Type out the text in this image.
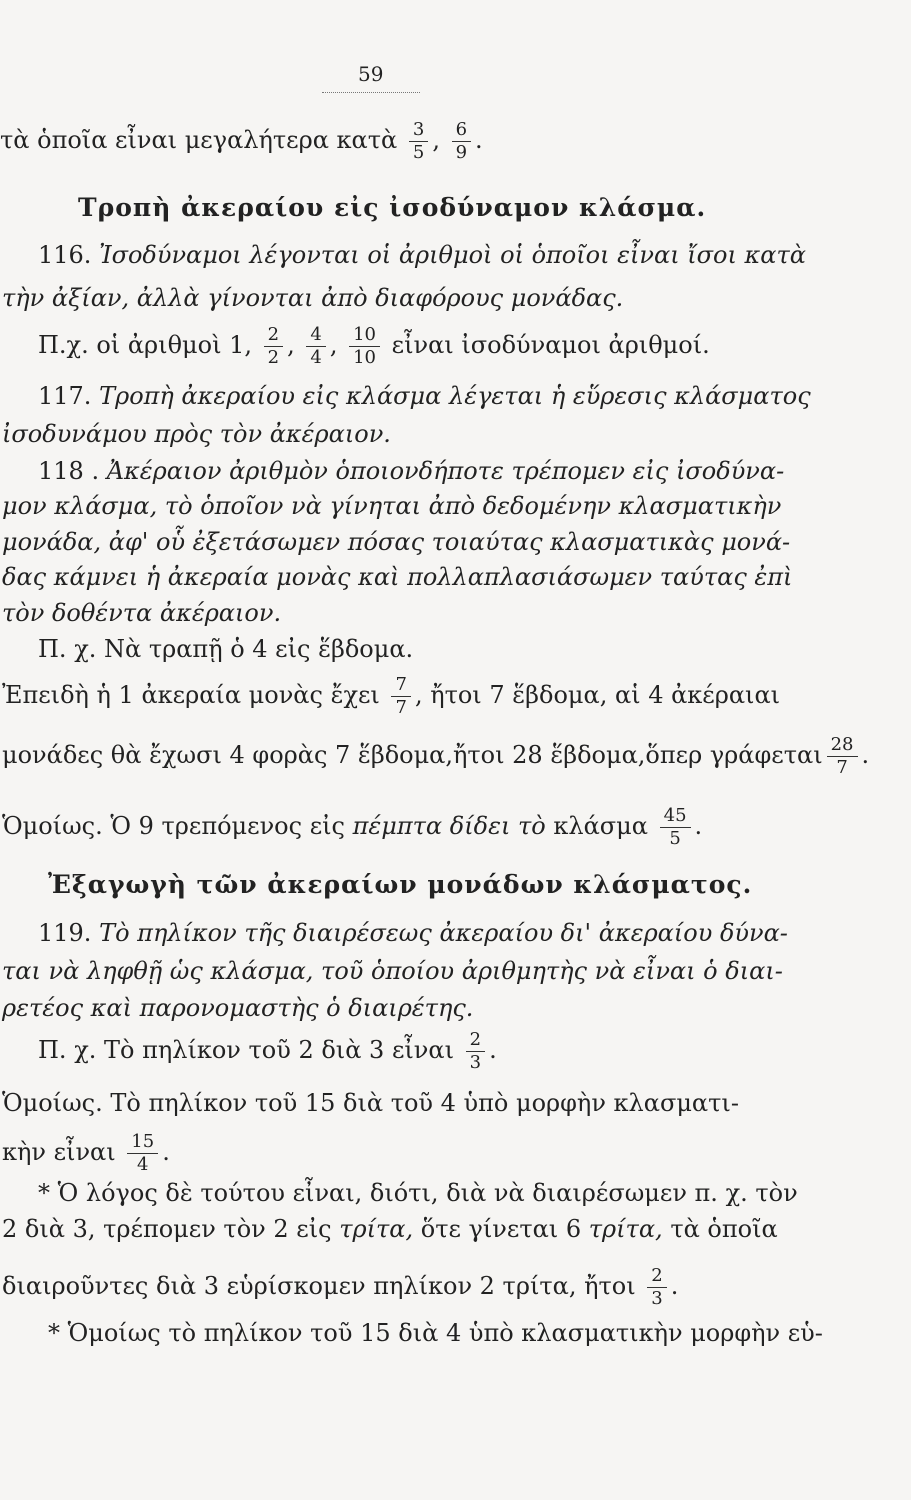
59
τὰ ὁποῖα εἶναι μεγαλήτερα κατὰ $\frac{3}{5}$ , $\frac{6}{9}$ .
Τροπὴ ἀκεραίου εἰς ἰσοδύναμον κλάσμα.
116. Ἰσοδύναμοι λέγονται οἱ ἀριθμοὶ οἱ ὁποῖοι εἶναι ἴσοι κατὰ
τὴν ἀξίαν, ἀλλὰ γίνονται ἀπὸ διαφόρους μονάδας.
Π.χ. οἱ ἀριθμοὶ 1, $\frac{2}{2}$ , $\frac{4}{4}$ , $\frac{10}{10}$ εἶναι ἰσοδύναμοι ἀριθμοί.
117. Τροπὴ ἀκεραίου εἰς κλάσμα λέγεται ἡ εὕρεσις κλάσματος
ἰσοδυνάμου πρὸς τὸν ἀκέραιον.
118 . Ἀκέραιον ἀριθμὸν ὁποιονδήποτε τρέπομεν εἰς ἰσοδύνα-
μον κλάσμα, τὸ ὁποῖον νὰ γίνηται ἀπὸ δεδομένην κλασματικὴν
μονάδα, ἀφ' οὗ ἐξετάσωμεν πόσας τοιαύτας κλασματικὰς μονά-
δας κάμνει ἡ ἀκεραία μονὰς καὶ πολλαπλασιάσωμεν ταύτας ἐπὶ
τὸν δοθέντα ἀκέραιον.
Π. χ. Νὰ τραπῇ ὁ 4 εἰς ἕβδομα.
Ἐπειδὴ ἡ 1 ἀκεραία μονὰς ἔχει $\frac{7}{7}$ , ἤτοι 7 ἕβδομα, αἱ 4 ἀκέραιαι
μονάδες θὰ ἔχωσι 4 φορὰς 7 ἕβδομα,ἤτοι 28 ἕβδομα,ὅπερ γράφεται $\frac{28}{7}$ .
Ὁμοίως. Ὁ 9 τρεπόμενος εἰς πέμπτα δίδει τὸ κλάσμα $\frac{45}{5}$ .
Ἐξαγωγὴ τῶν ἀκεραίων μονάδων κλάσματος.
119. Τὸ πηλίκον τῆς διαιρέσεως ἀκεραίου δι' ἀκεραίου δύνα-
ται νὰ ληφθῇ ὡς κλάσμα, τοῦ ὁποίου ἀριθμητὴς νὰ εἶναι ὁ διαι-
ρετέος καὶ παρονομαστὴς ὁ διαιρέτης.
Π. χ. Τὸ πηλίκον τοῦ 2 διὰ 3 εἶναι $\frac{2}{3}$ .
Ὁμοίως. Τὸ πηλίκον τοῦ 15 διὰ τοῦ 4 ὑπὸ μορφὴν κλασματι-
κὴν εἶναι $\frac{15}{4}$ .
* Ὁ λόγος δὲ τούτου εἶναι, διότι, διὰ νὰ διαιρέσωμεν π. χ. τὸν
2 διὰ 3, τρέπομεν τὸν 2 εἰς τρίτα, ὅτε γίνεται 6 τρίτα, τὰ ὁποῖα
διαιροῦντες διὰ 3 εὑρίσκομεν πηλίκον 2 τρίτα, ἤτοι $\frac{2}{3}$ .
* Ὁμοίως τὸ πηλίκον τοῦ 15 διὰ 4 ὑπὸ κλασματικὴν μορφὴν εὑ-
